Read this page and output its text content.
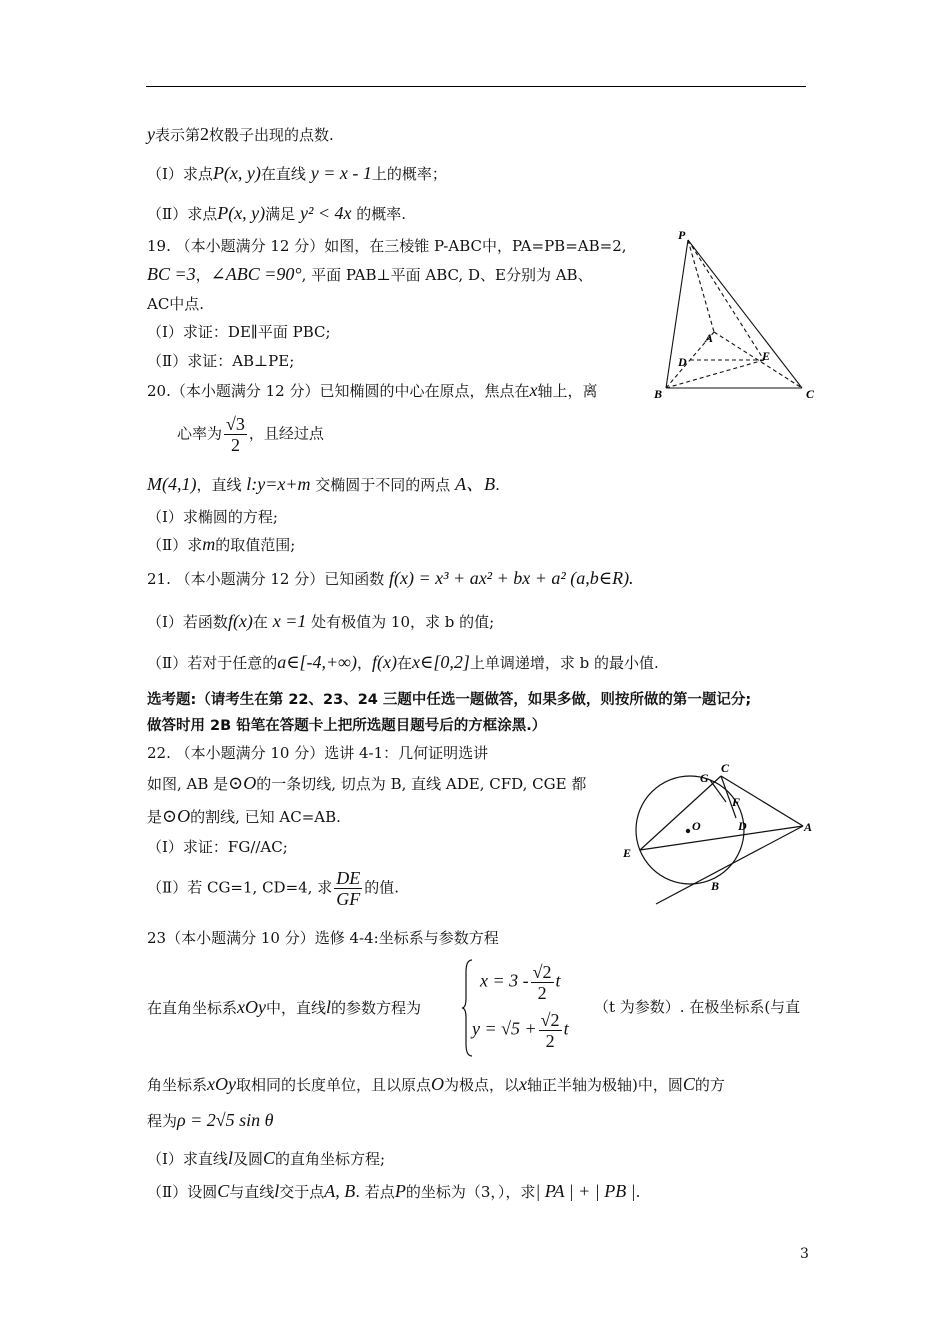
y表示第2枚骰子出现的点数.
（Ⅰ）求点P(x, y)在直线 y = x - 1上的概率；
（Ⅱ）求点P(x, y)满足 y² < 4x 的概率.
19. （本小题满分 12 分）如图，在三棱锥 P-ABC中，PA=PB=AB=2,
BC =3，∠ABC =90°, 平面 PAB⊥平面 ABC, D、E分别为 AB、
AC中点.
（Ⅰ）求证：DE∥平面 PBC;
（Ⅱ）求证：AB⊥PE;
P
A
D	E
B	C
20.（本小题满分 12 分）已知椭圆的中心在原点，焦点在x轴上，离
心率为 $\frac{√3}{2}$ ，且经过点
M(4,1)，直线 l:y=x+m 交椭圆于不同的两点 A、B.
（Ⅰ）求椭圆的方程;
（Ⅱ）求m的取值范围;
21. （本小题满分 12 分）已知函数 f(x) = x³ + ax² + bx + a² (a,b∈R).
（Ⅰ）若函数f(x)在 x =1 处有极值为 10，求 b 的值;
（Ⅱ）若对于任意的a∈[-4,+∞)，f(x)在x∈[0,2]上单调递增，求 b 的最小值.
选考题:（请考生在第 22、23、24 三题中任选一题做答，如果多做，则按所做的第一题记分;
做答时用 2B 铅笔在答题卡上把所选题目题号后的方框涂黑.）
22. （本小题满分 10 分）选讲 4-1：几何证明选讲
如图, AB 是⊙O的一条切线, 切点为 B, 直线 ADE, CFD, CGE 都
是⊙O的割线, 已知 AC=AB.
（Ⅰ）求证：FG//AC;
（Ⅱ）若 CG=1, CD=4, 求 $\frac{DE}{GF}$ 的值.
C
G
F
O	D	A
E
B
23（本小题满分 10 分）选修 4-4:坐标系与参数方程
在直角坐标系xOy中，直线l的参数方程为
$x = 3 - \frac{√2}{2}$ t
$y = √5 + \frac{√2}{2}$ t
（t 为参数）. 在极坐标系(与直
角坐标系xOy取相同的长度单位，且以原点O为极点，以x轴正半轴为极轴)中，圆C的方
程为ρ = 2√5 sin θ
（Ⅰ）求直线l及圆C的直角坐标方程;
（Ⅱ）设圆C与直线l交于点A, B. 若点P的坐标为（3，），求| PA | + | PB |.
3
